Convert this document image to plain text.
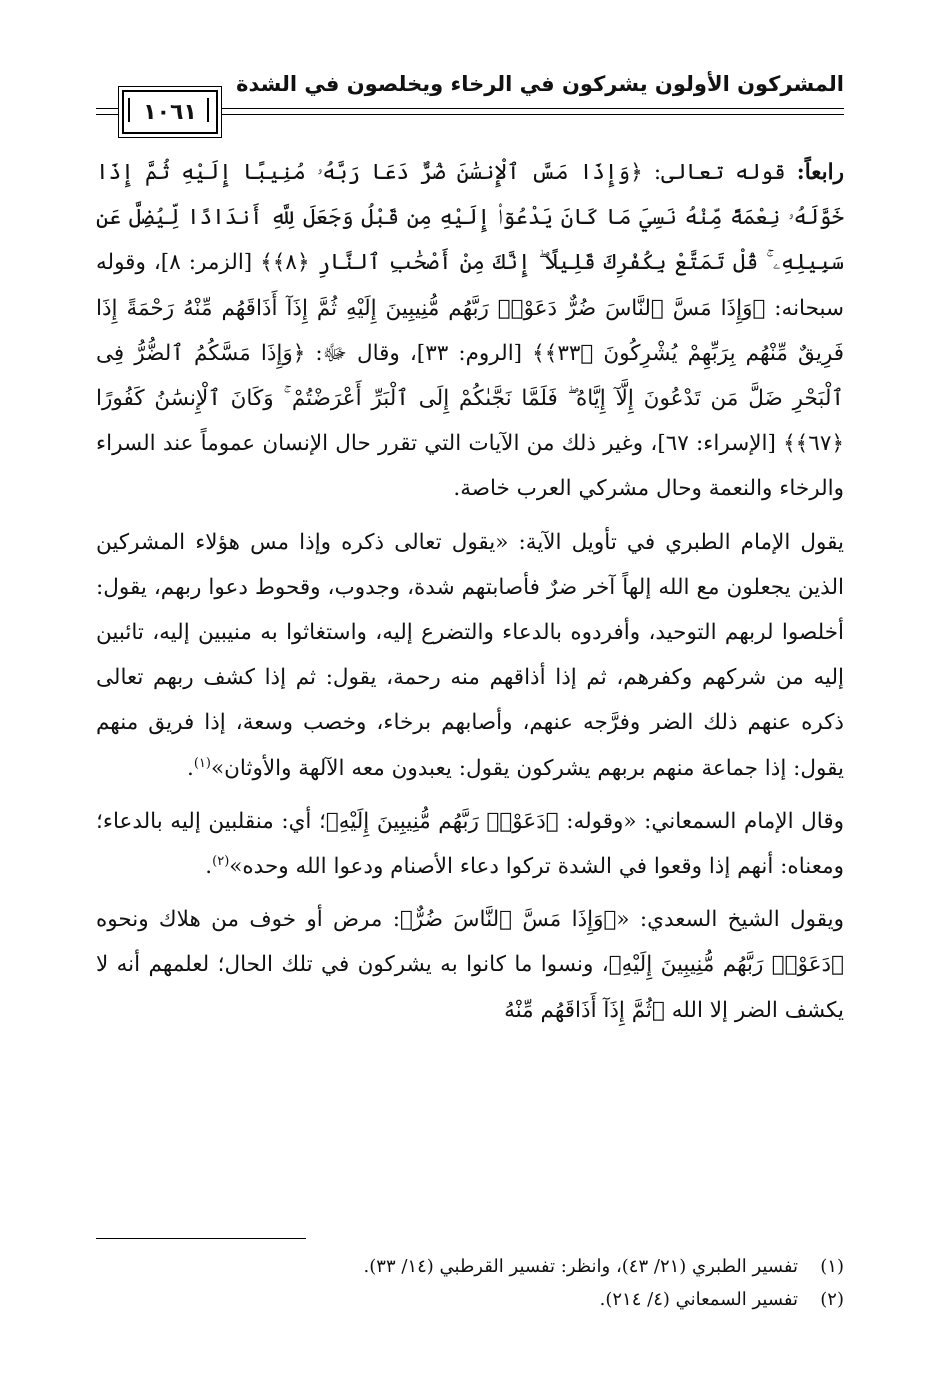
المشركون الأولون يشركون في الرخاء ويخلصون في الشدة
١٠٦١

رابعاً: قوله تعالى: ﴿وَإِذَا مَسَّ ٱلْإِنسَٰنَ ضُرٌّ دَعَا رَبَّهُۥ مُنِيبًا إِلَيْهِ ثُمَّ إِذَا خَوَّلَهُۥ نِعْمَةً مِّنْهُ نَسِيَ مَا كَانَ يَدْعُوٓا۟ إِلَيْهِ مِن قَبْلُ وَجَعَلَ لِلَّهِ أَندَادًا لِّيُضِلَّ عَن سَبِيلِهِۦ ۚ قُلْ تَمَتَّعْ بِكُفْرِكَ قَلِيلًا ۖ إِنَّكَ مِنْ أَصْحَٰبِ ٱلنَّارِ ﴿٨﴾﴾ [الزمر: ٨]، وقوله سبحانه: ﴿وَإِذَا مَسَّ ٱلنَّاسَ ضُرٌّ دَعَوْا۟ رَبَّهُم مُّنِيبِينَ إِلَيْهِ ثُمَّ إِذَآ أَذَاقَهُم مِّنْهُ رَحْمَةً إِذَا فَرِيقٌ مِّنْهُم بِرَبِّهِمْ يُشْرِكُونَ ﴿٣٣﴾﴾ [الروم: ٣٣]، وقال ﷻ: ﴿وَإِذَا مَسَّكُمُ ٱلضُّرُّ فِى ٱلْبَحْرِ ضَلَّ مَن تَدْعُونَ إِلَّآ إِيَّاهُ ۖ فَلَمَّا نَجَّىٰكُمْ إِلَى ٱلْبَرِّ أَعْرَضْتُمْ ۚ وَكَانَ ٱلْإِنسَٰنُ كَفُورًا ﴿٦٧﴾﴾ [الإسراء: ٦٧]، وغير ذلك من الآيات التي تقرر حال الإنسان عموماً عند السراء والرخاء والنعمة وحال مشركي العرب خاصة.

يقول الإمام الطبري في تأويل الآية: «يقول تعالى ذكره وإذا مس هؤلاء المشركين الذين يجعلون مع الله إلهاً آخر ضرٌ فأصابتهم شدة، وجدوب، وقحوط دعوا ربهم، يقول: أخلصوا لربهم التوحيد، وأفردوه بالدعاء والتضرع إليه، واستغاثوا به منيبين إليه، تائبين إليه من شركهم وكفرهم، ثم إذا أذاقهم منه رحمة، يقول: ثم إذا كشف ربهم تعالى ذكره عنهم ذلك الضر وفرَّجه عنهم، وأصابهم برخاء، وخصب وسعة، إذا فريق منهم يقول: إذا جماعة منهم بربهم يشركون يقول: يعبدون معه الآلهة والأوثان»$^{(١)}$.

وقال الإمام السمعاني: «وقوله: ﴿دَعَوْا۟ رَبَّهُم مُّنِيبِينَ إِلَيْهِ﴾؛ أي: منقلبين إليه بالدعاء؛ ومعناه: أنهم إذا وقعوا في الشدة تركوا دعاء الأصنام ودعوا الله وحده»$^{(٢)}$.

ويقول الشيخ السعدي: «﴿وَإِذَا مَسَّ ٱلنَّاسَ ضُرٌّ﴾: مرض أو خوف من هلاك ونحوه ﴿دَعَوْا۟ رَبَّهُم مُّنِيبِينَ إِلَيْهِ﴾، ونسوا ما كانوا به يشركون في تلك الحال؛ لعلمهم أنه لا يكشف الضر إلا الله ﴿ثُمَّ إِذَآ أَذَاقَهُم مِّنْهُ

(١)
تفسير الطبري (٢١/ ٤٣)، وانظر: تفسير القرطبي (١٤/ ٣٣).
(٢)
تفسير السمعاني (٤/ ٢١٤).
